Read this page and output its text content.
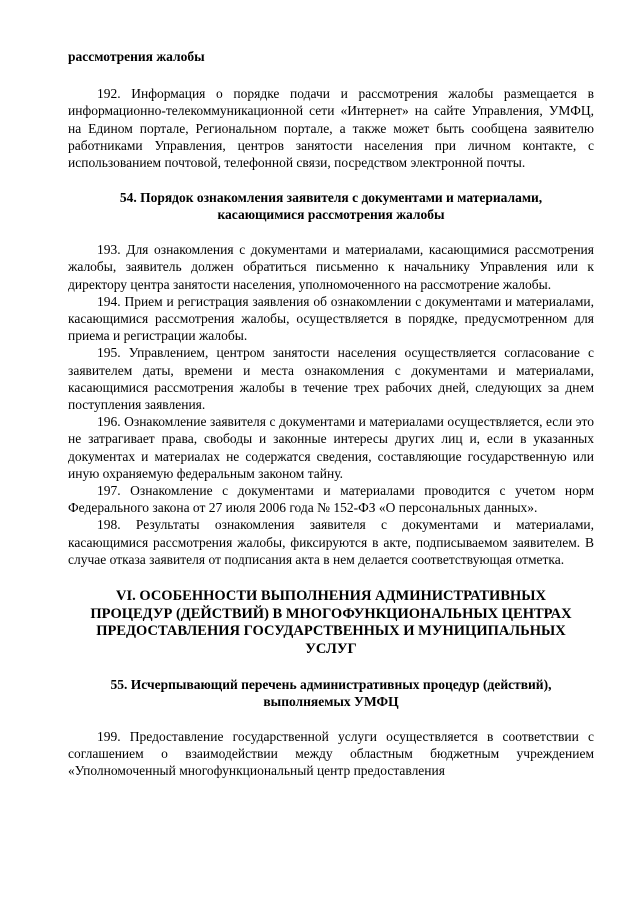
рассмотрения жалобы

192. Информация о порядке подачи и рассмотрения жалобы размещается в информационно-телекоммуникационной сети «Интернет» на сайте Управления, УМФЦ, на Едином портале, Региональном портале, а также может быть сообщена заявителю работниками Управления, центров занятости населения при личном контакте, с использованием почтовой, телефонной связи, посредством электронной почты.

54. Порядок ознакомления заявителя с документами и материалами, касающимися рассмотрения жалобы

193. Для ознакомления с документами и материалами, касающимися рассмотрения жалобы, заявитель должен обратиться письменно к начальнику Управления или к директору центра занятости населения, уполномоченного на рассмотрение жалобы.

194. Прием и регистрация заявления об ознакомлении с документами и материалами, касающимися рассмотрения жалобы, осуществляется в порядке, предусмотренном для приема и регистрации жалобы.

195. Управлением, центром занятости населения осуществляется согласование с заявителем даты, времени и места ознакомления с документами и материалами, касающимися рассмотрения жалобы в течение трех рабочих дней, следующих за днем поступления заявления.

196. Ознакомление заявителя с документами и материалами осуществляется, если это не затрагивает права, свободы и законные интересы других лиц и, если в указанных документах и материалах не содержатся сведения, составляющие государственную или иную охраняемую федеральным законом тайну.

197. Ознакомление с документами и материалами проводится с учетом норм Федерального закона от 27 июля 2006 года № 152-ФЗ «О персональных данных».

198. Результаты ознакомления заявителя с документами и материалами, касающимися рассмотрения жалобы, фиксируются в акте, подписываемом заявителем. В случае отказа заявителя от подписания акта в нем делается соответствующая отметка.

VI. ОСОБЕННОСТИ ВЫПОЛНЕНИЯ АДМИНИСТРАТИВНЫХ ПРОЦЕДУР (ДЕЙСТВИЙ) В МНОГОФУНКЦИОНАЛЬНЫХ ЦЕНТРАХ ПРЕДОСТАВЛЕНИЯ ГОСУДАРСТВЕННЫХ И МУНИЦИПАЛЬНЫХ УСЛУГ

55. Исчерпывающий перечень административных процедур (действий), выполняемых УМФЦ

199. Предоставление государственной услуги осуществляется в соответствии с соглашением о взаимодействии между областным бюджетным учреждением «Уполномоченный многофункциональный центр предоставления
